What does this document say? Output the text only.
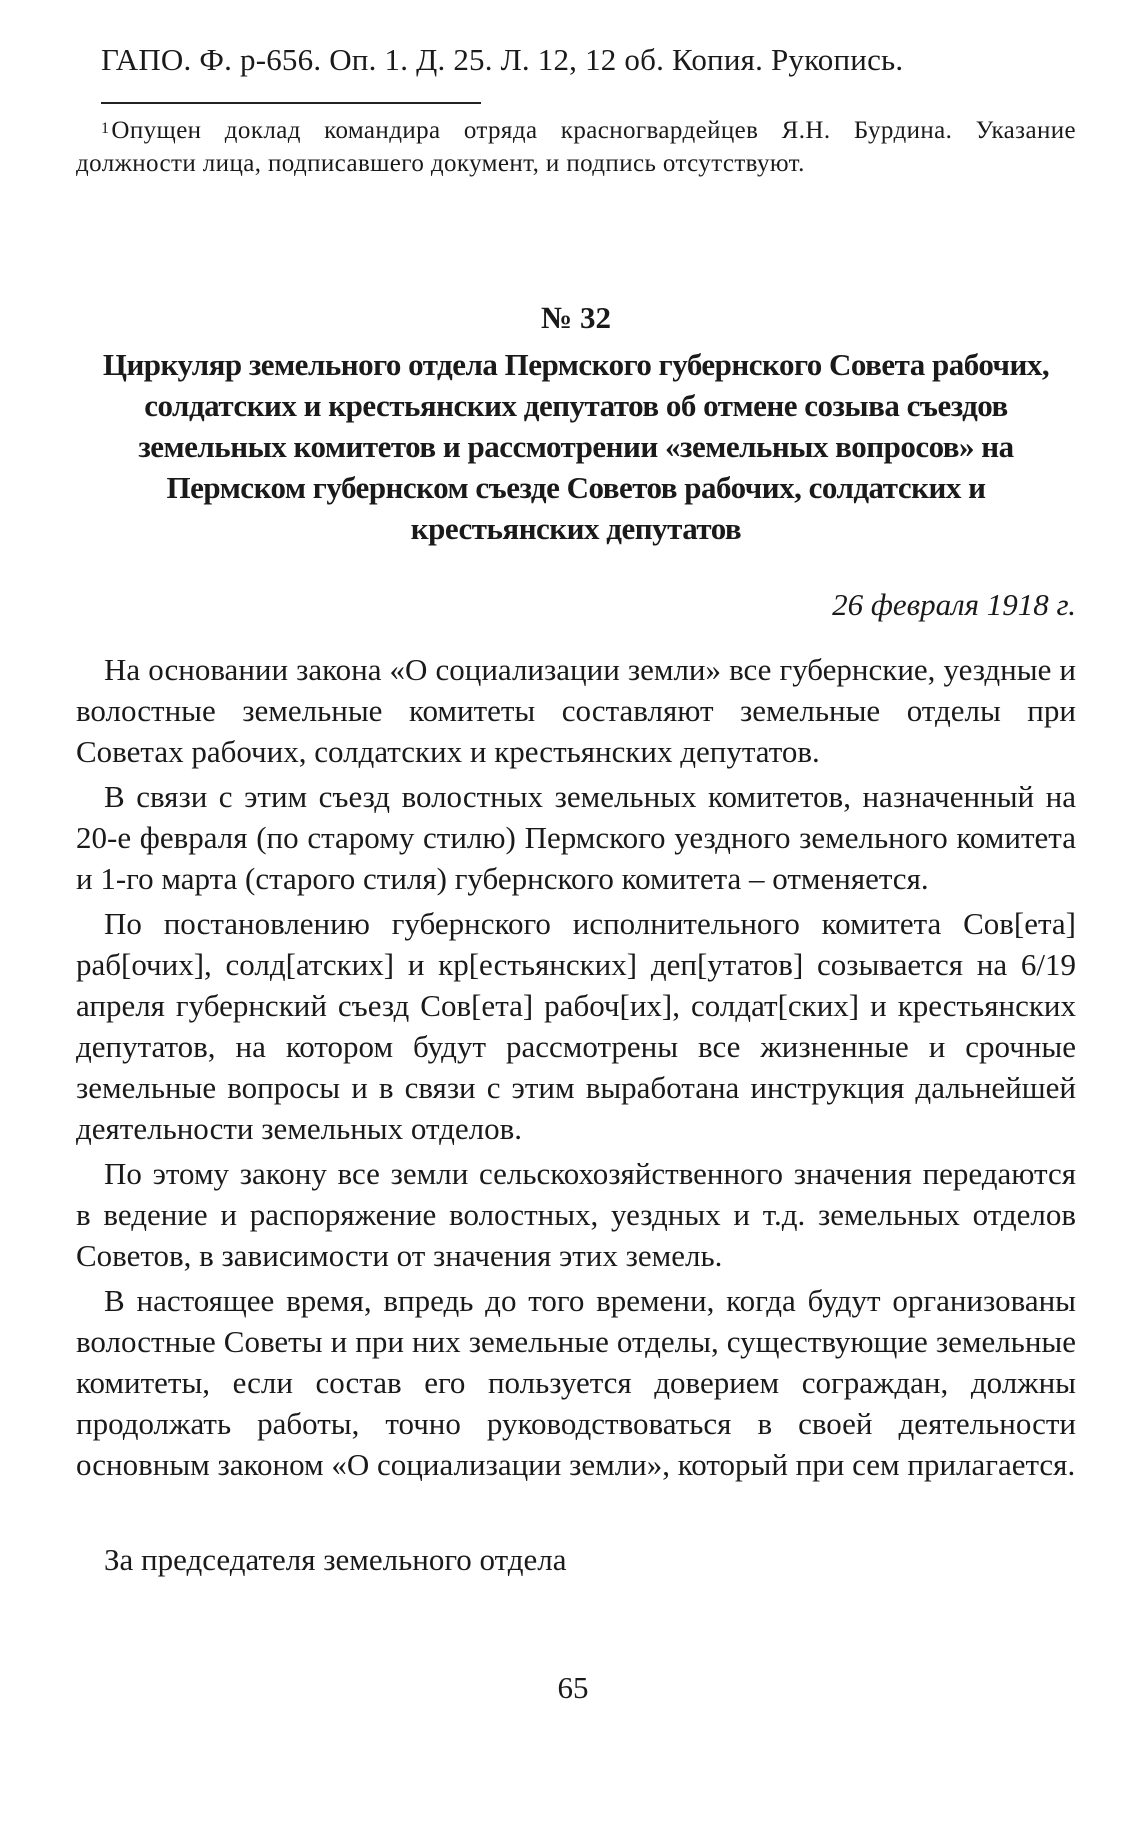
ГАПО. Ф. р-656. Оп. 1. Д. 25. Л. 12, 12 об. Копия. Рукопись.

$^1$Опущен доклад командира отряда красногвардейцев Я.Н. Бурдина. Указание должности лица, подписавшего документ, и подпись отсутствуют.

№ 32
Циркуляр земельного отдела Пермского губернского Совета рабочих, солдатских и крестьянских депутатов об отмене созыва съездов земельных комитетов и рассмотрении «земельных вопросов» на Пермском губернском съезде Советов рабочих, солдатских и крестьянских депутатов
26 февраля 1918 г.

На основании закона «О социализации земли» все губернские, уездные и волостные земельные комитеты составляют земельные отделы при Советах рабочих, солдатских и крестьянских депутатов.

В связи с этим съезд волостных земельных комитетов, назначенный на 20-е февраля (по старому стилю) Пермского уездного земельного комитета и 1-го марта (старого стиля) губернского комитета – отменяется.

По постановлению губернского исполнительного комитета Сов[ета] раб[очих], солд[атских] и кр[естьянских] деп[утатов] созывается на 6/19 апреля губернский съезд Сов[ета] рабоч[их], солдат[ских] и крестьянских депутатов, на котором будут рассмотрены все жизненные и срочные земельные вопросы и в связи с этим выработана инструкция дальнейшей деятельности земельных отделов.

По этому закону все земли сельскохозяйственного значения передаются в ведение и распоряжение волостных, уездных и т.д. земельных отделов Советов, в зависимости от значения этих земель.

В настоящее время, впредь до того времени, когда будут организованы волостные Советы и при них земельные отделы, существующие земельные комитеты, если состав его пользуется доверием сограждан, должны продолжать работы, точно руководствоваться в своей деятельности основным законом «О социализации земли», который при сем прилагается.

За председателя земельного отдела

65
